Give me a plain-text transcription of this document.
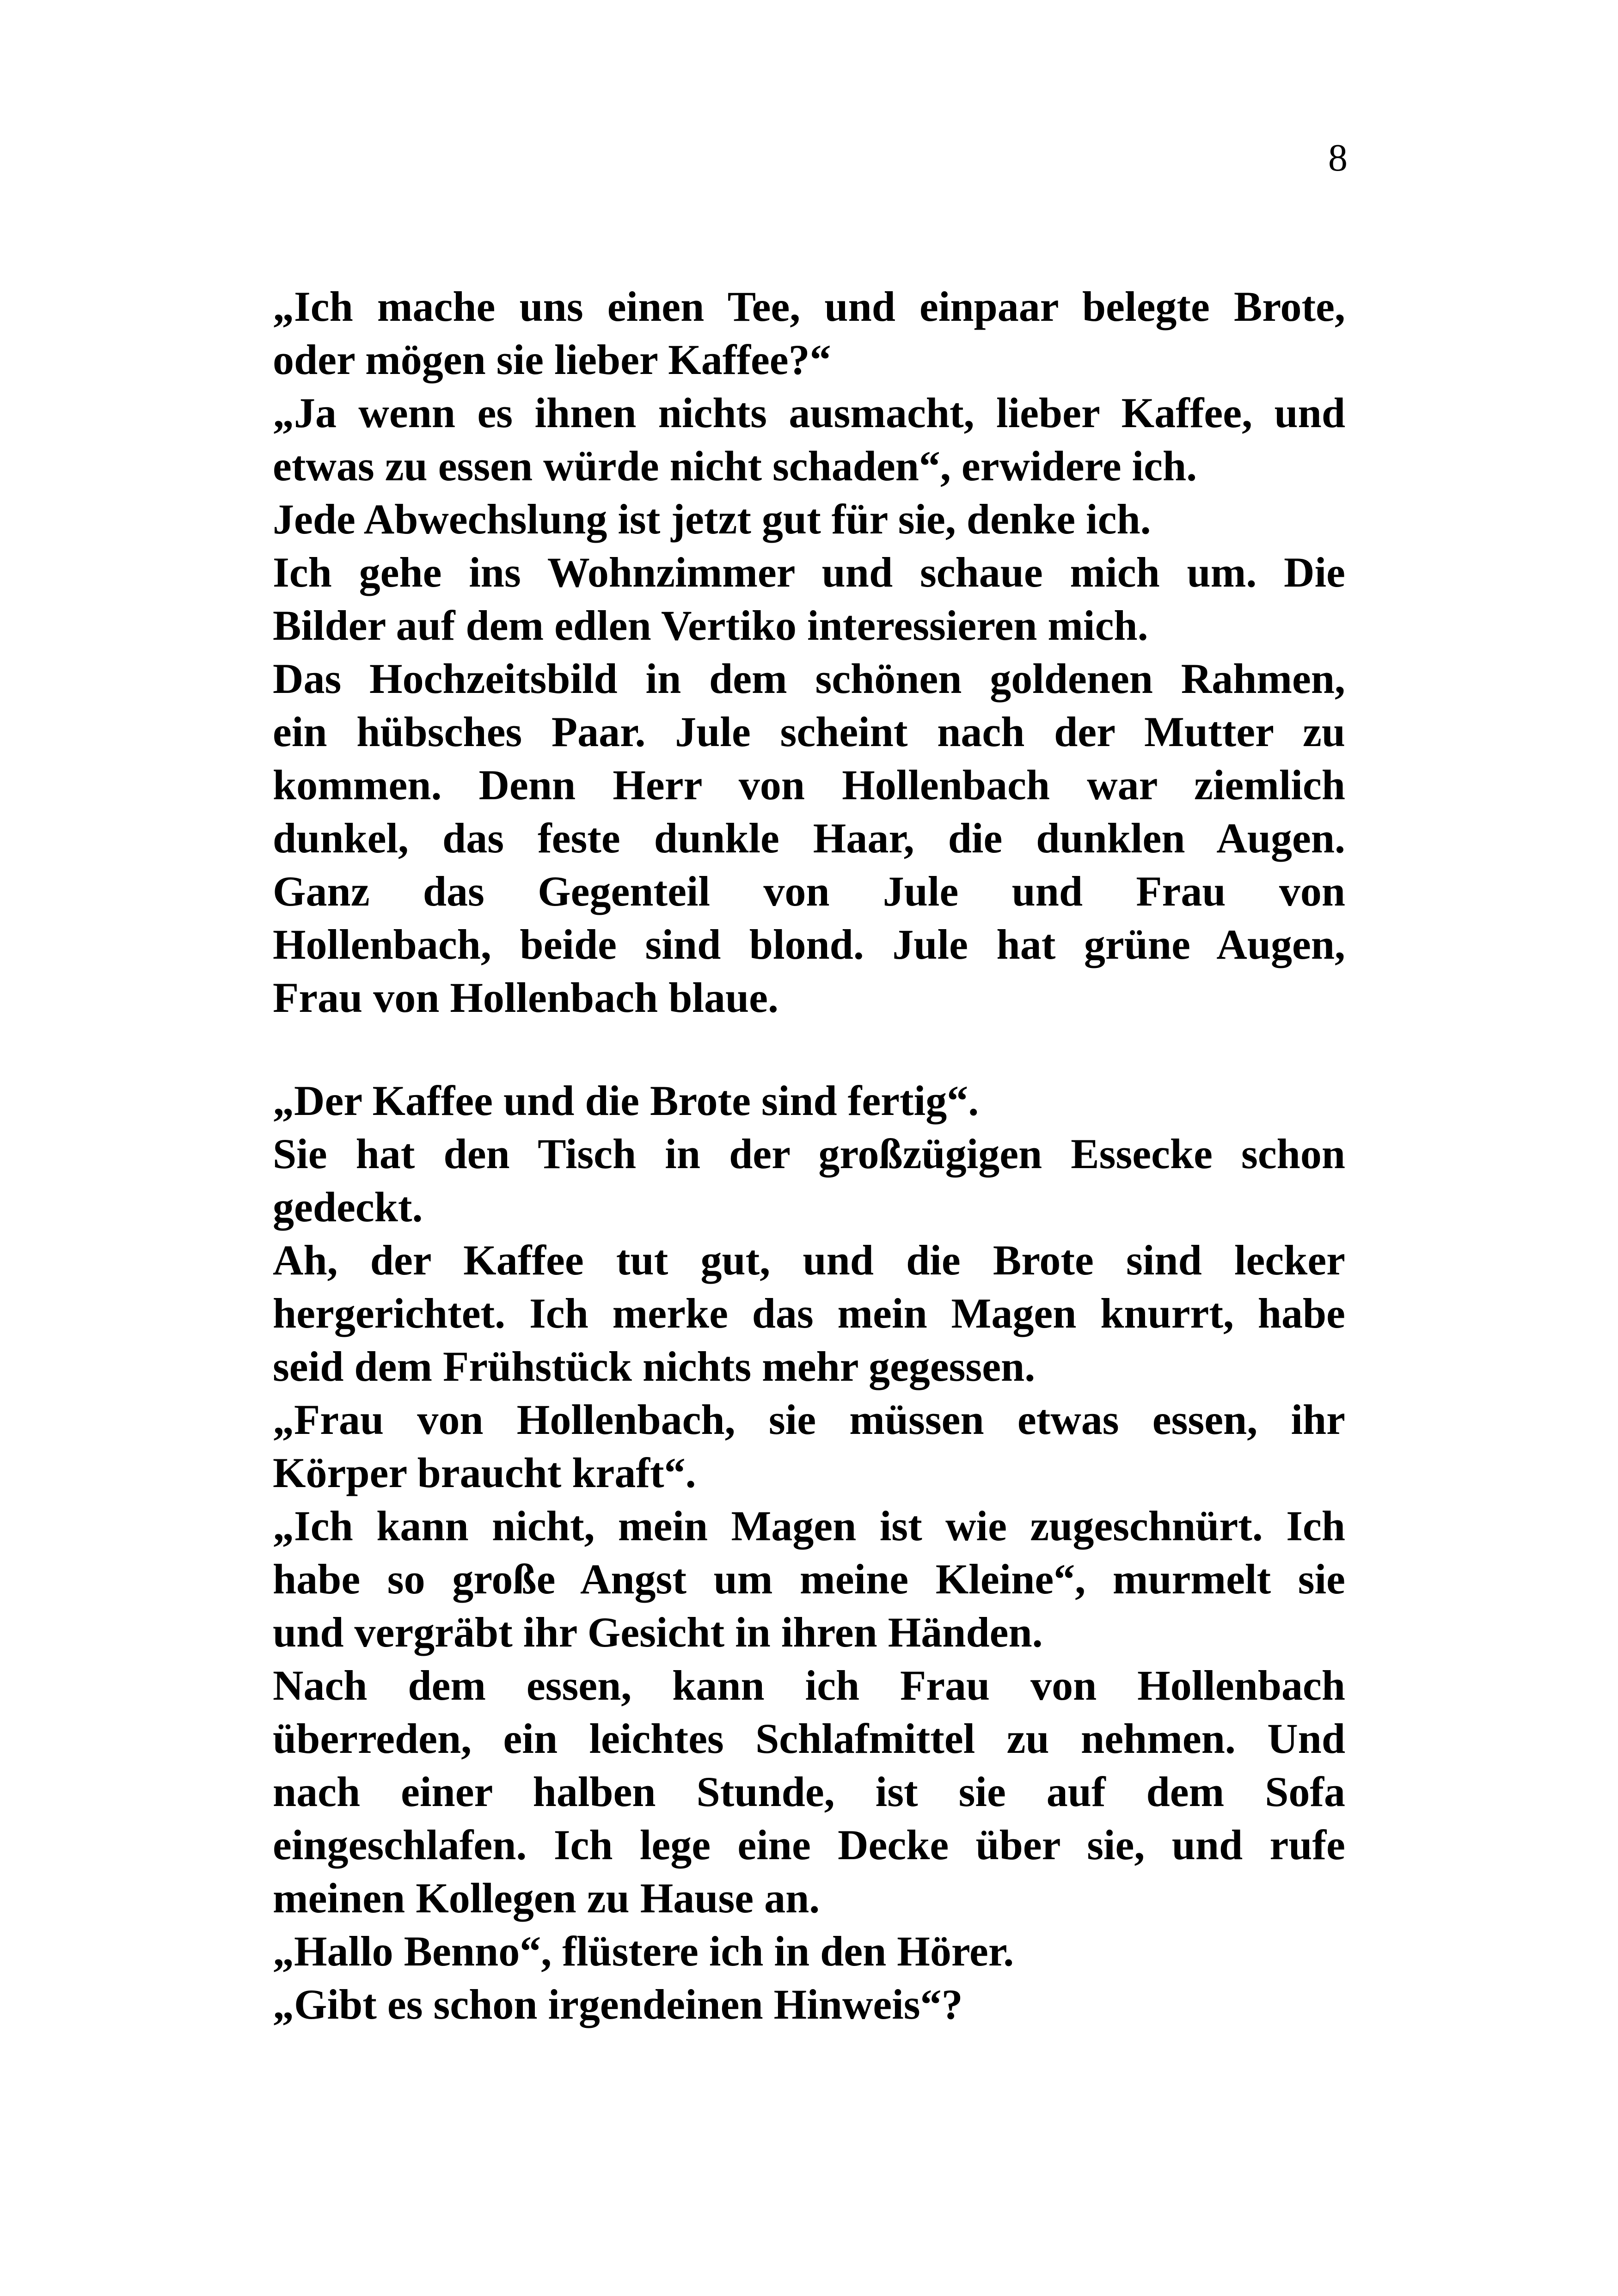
8
„Ich mache uns einen Tee, und einpaar belegte Brote,
oder mögen sie lieber Kaffee?“
„Ja wenn es ihnen nichts ausmacht, lieber Kaffee, und
etwas zu essen würde nicht schaden“, erwidere ich.
Jede Abwechslung ist jetzt gut für sie, denke ich.
Ich gehe ins Wohnzimmer und schaue mich um. Die
Bilder auf dem edlen Vertiko interessieren mich.
Das Hochzeitsbild in dem schönen goldenen Rahmen,
ein hübsches Paar. Jule scheint nach der Mutter zu
kommen. Denn Herr von Hollenbach war ziemlich
dunkel, das feste dunkle Haar, die dunklen Augen.
Ganz das Gegenteil von Jule und Frau von
Hollenbach, beide sind blond. Jule hat grüne Augen,
Frau von Hollenbach blaue.
„Der Kaffee und die Brote sind fertig“.
Sie hat den Tisch in der großzügigen Essecke schon
gedeckt.
Ah, der Kaffee tut gut, und die Brote sind lecker
hergerichtet. Ich merke das mein Magen knurrt, habe
seid dem Frühstück nichts mehr gegessen.
„Frau von Hollenbach, sie müssen etwas essen, ihr
Körper braucht kraft“.
„Ich kann nicht, mein Magen ist wie zugeschnürt. Ich
habe so große Angst um meine Kleine“, murmelt sie
und vergräbt ihr Gesicht in ihren Händen.
Nach dem essen, kann ich Frau von Hollenbach
überreden, ein leichtes Schlafmittel zu nehmen. Und
nach einer halben Stunde, ist sie auf dem Sofa
eingeschlafen. Ich lege eine Decke über sie, und rufe
meinen Kollegen zu Hause an.
„Hallo Benno“, flüstere ich in den Hörer.
„Gibt es schon irgendeinen Hinweis“?
